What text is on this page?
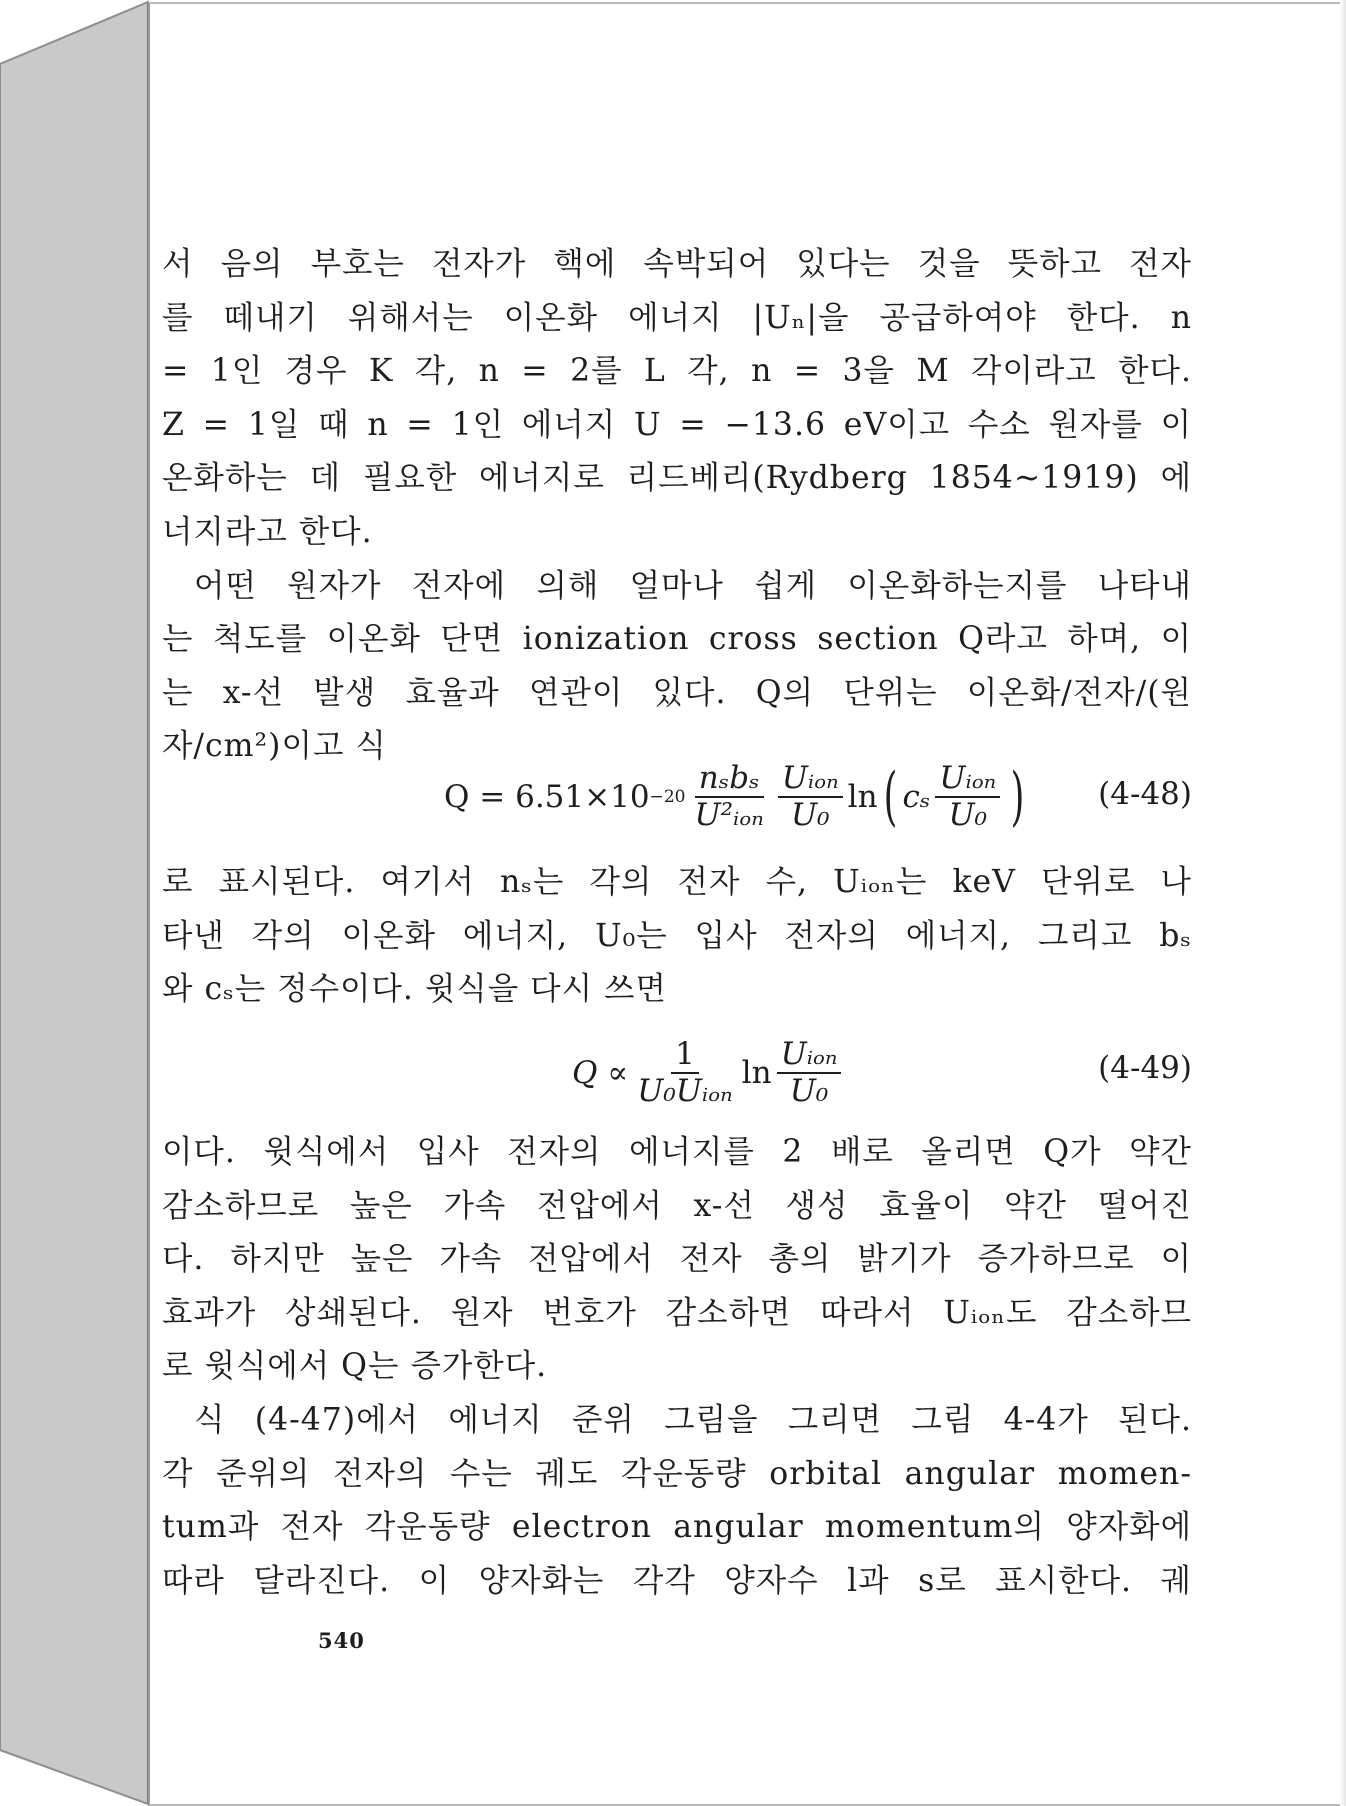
서 음의 부호는 전자가 핵에 속박되어 있다는 것을 뜻하고 전자
를 떼내기 위해서는 이온화 에너지 |Uₙ|을 공급하여야 한다. n
= 1인 경우 K 각, n = 2를 L 각, n = 3을 M 각이라고 한다.
Z = 1일 때 n = 1인 에너지 U = −13.6 eV이고 수소 원자를 이
온화하는 데 필요한 에너지로 리드베리(Rydberg 1854∼1919) 에
너지라고 한다.
어떤 원자가 전자에 의해 얼마나 쉽게 이온화하는지를 나타내
는 척도를 이온화 단면 ionization cross section Q라고 하며, 이
는 x-선 발생 효율과 연관이 있다. Q의 단위는 이온화/전자/(원
자/cm²)이고 식
$Q = 6.51\times 10 -20 \frac{\text{nₛbₛ}}{\text{U²ᵢₒₙ}} \frac{\text{Uᵢₒₙ}}{\text{U₀}}$ ln ( cₛ $\frac{\text{Uᵢₒₙ}}{\text{U₀}}$ ) (4-48)
로 표시된다. 여기서 nₛ는 각의 전자 수, Uᵢₒₙ는 keV 단위로 나
타낸 각의 이온화 에너지, U₀는 입사 전자의 에너지, 그리고 bₛ
와 cₛ는 정수이다. 윗식을 다시 쓰면
$Q \propto \frac{1}{\text{U₀Uᵢₒₙ}}$ $\ln \frac{\text{Uᵢₒₙ}}{\text{U₀}}$	(4-49)
이다. 윗식에서 입사 전자의 에너지를 2 배로 올리면 Q가 약간
감소하므로 높은 가속 전압에서 x-선 생성 효율이 약간 떨어진
다. 하지만 높은 가속 전압에서 전자 총의 밝기가 증가하므로 이
효과가 상쇄된다. 원자 번호가 감소하면 따라서 Uᵢₒₙ도 감소하므
로 윗식에서 Q는 증가한다.
식 (4-47)에서 에너지 준위 그림을 그리면 그림 4-4가 된다.
각 준위의 전자의 수는 궤도 각운동량 orbital angular momen-
tum과 전자 각운동량 electron angular momentum의 양자화에
따라 달라진다. 이 양자화는 각각 양자수 l과 s로 표시한다. 궤
540
